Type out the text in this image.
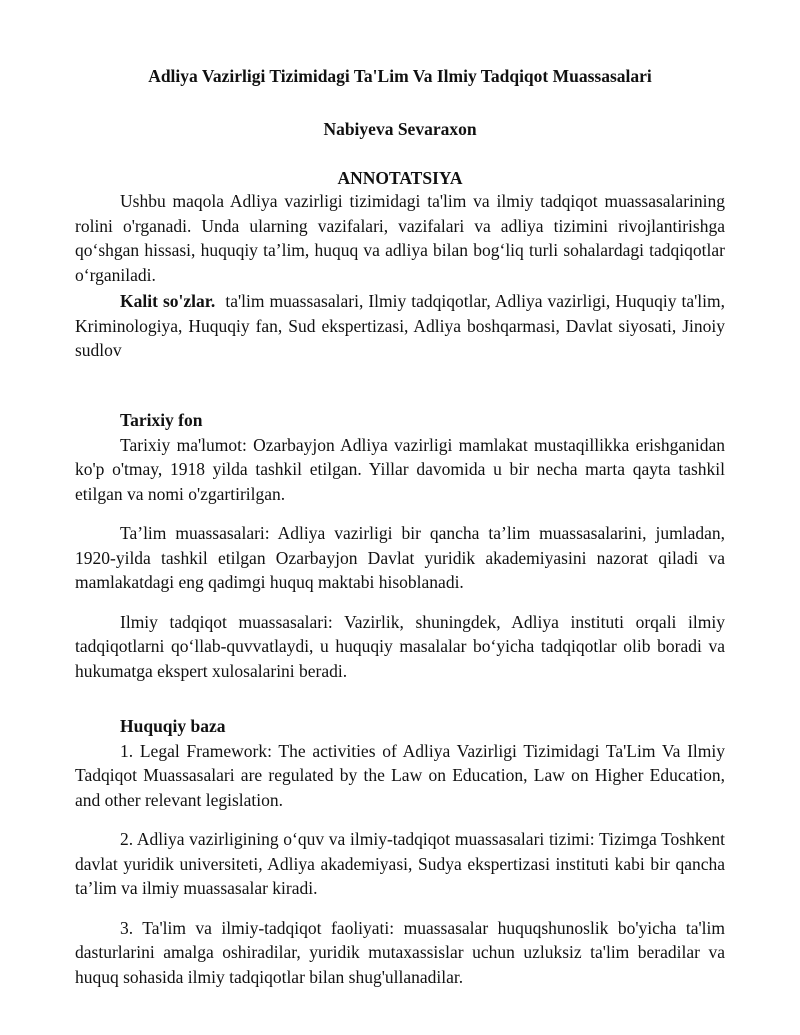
Adliya Vazirligi Tizimidagi Ta'Lim Va Ilmiy Tadqiqot Muassasalari
Nabiyeva Sevaraxon
ANNOTATSIYA

Ushbu maqola Adliya vazirligi tizimidagi ta'lim va ilmiy tadqiqot muassasalarining rolini o'rganadi. Unda ularning vazifalari, vazifalari va adliya tizimini rivojlantirishga qo‘shgan hissasi, huquqiy ta’lim, huquq va adliya bilan bog‘liq turli sohalardagi tadqiqotlar o‘rganiladi.

Kalit so'zlar. ta'lim muassasalari, Ilmiy tadqiqotlar, Adliya vazirligi, Huquqiy ta'lim, Kriminologiya, Huquqiy fan, Sud ekspertizasi, Adliya boshqarmasi, Davlat siyosati, Jinoiy sudlov

Tarixiy fon

Tarixiy ma'lumot: Ozarbayjon Adliya vazirligi mamlakat mustaqillikka erishganidan ko'p o'tmay, 1918 yilda tashkil etilgan. Yillar davomida u bir necha marta qayta tashkil etilgan va nomi o'zgartirilgan.

Ta’lim muassasalari: Adliya vazirligi bir qancha ta’lim muassasalarini, jumladan, 1920-yilda tashkil etilgan Ozarbayjon Davlat yuridik akademiyasini nazorat qiladi va mamlakatdagi eng qadimgi huquq maktabi hisoblanadi.

Ilmiy tadqiqot muassasalari: Vazirlik, shuningdek, Adliya instituti orqali ilmiy tadqiqotlarni qo‘llab-quvvatlaydi, u huquqiy masalalar bo‘yicha tadqiqotlar olib boradi va hukumatga ekspert xulosalarini beradi.

Huquqiy baza

1. Legal Framework: The activities of Adliya Vazirligi Tizimidagi Ta'Lim Va Ilmiy Tadqiqot Muassasalari are regulated by the Law on Education, Law on Higher Education, and other relevant legislation.

2. Adliya vazirligining o‘quv va ilmiy-tadqiqot muassasalari tizimi: Tizimga Toshkent davlat yuridik universiteti, Adliya akademiyasi, Sudya ekspertizasi instituti kabi bir qancha ta’lim va ilmiy muassasalar kiradi.

3. Ta'lim va ilmiy-tadqiqot faoliyati: muassasalar huquqshunoslik bo'yicha ta'lim dasturlarini amalga oshiradilar, yuridik mutaxassislar uchun uzluksiz ta'lim beradilar va huquq sohasida ilmiy tadqiqotlar bilan shug'ullanadilar.
